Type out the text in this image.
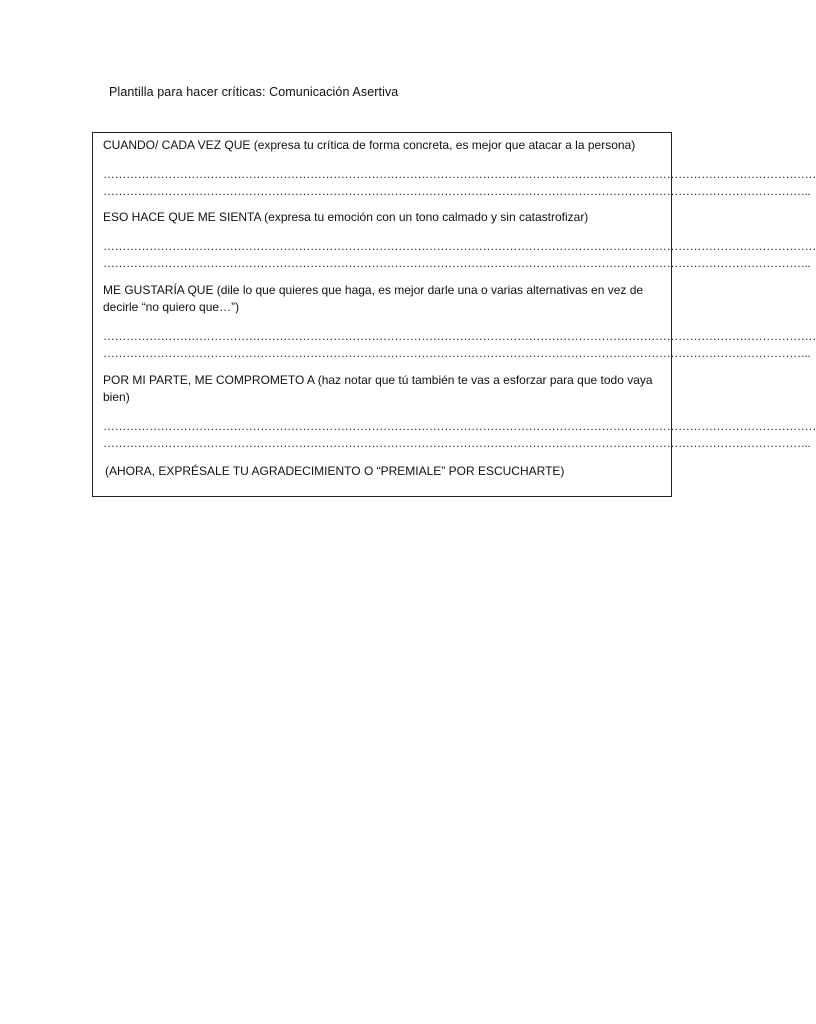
Plantilla para hacer críticas: Comunicación Asertiva

CUANDO/ CADA VEZ QUE (expresa tu crítica de forma concreta, es mejor que atacar a la persona)

……………………………………………………………………………………………………………………………………………………………………
…………………………………………………………………………………………………………………………………………………………………..

ESO HACE QUE ME SIENTA (expresa tu emoción con un tono calmado y sin catastrofizar)

……………………………………………………………………………………………………………………………………………………………………
…………………………………………………………………………………………………………………………………………………………………..

ME GUSTARÍA QUE (dile lo que quieres que haga, es mejor darle una o varias alternativas en vez de decirle “no quiero que…”)

……………………………………………………………………………………………………………………………………………………………………
…………………………………………………………………………………………………………………………………………………………………..

POR MI PARTE, ME COMPROMETO A (haz notar que tú también te vas a esforzar para que todo vaya bien)

……………………………………………………………………………………………………………………………………………………………………
…………………………………………………………………………………………………………………………………………………………………..
(AHORA, EXPRÉSALE TU AGRADECIMIENTO O “PREMIALE” POR ESCUCHARTE)
